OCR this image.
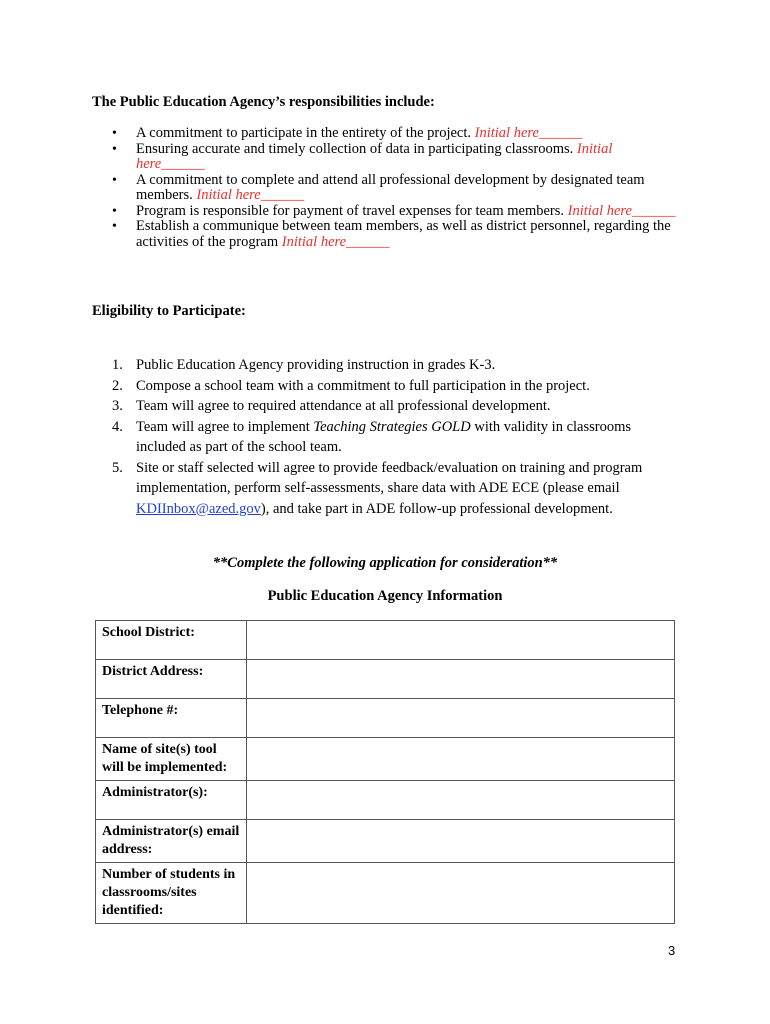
The Public Education Agency’s responsibilities include:
• A commitment to participate in the entirety of the project. Initial here______
• Ensuring accurate and timely collection of data in participating classrooms. Initial here______
• A commitment to complete and attend all professional development by designated team members. Initial here______
• Program is responsible for payment of travel expenses for team members. Initial here______
• Establish a communique between team members, as well as district personnel, regarding the activities of the program Initial here______
Eligibility to Participate:
1. Public Education Agency providing instruction in grades K-3.
2. Compose a school team with a commitment to full participation in the project.
3. Team will agree to required attendance at all professional development.
4. Team will agree to implement Teaching Strategies GOLD with validity in classrooms included as part of the school team.
5. Site or staff selected will agree to provide feedback/evaluation on training and program implementation, perform self-assessments, share data with ADE ECE (please email KDIInbox@azed.gov), and take part in ADE follow-up professional development.
**Complete the following application for consideration**
Public Education Agency Information
School District:	
District Address:	
Telephone #:	
Name of site(s) tool will be implemented:	
Administrator(s):	
Administrator(s) email address:	
Number of students in classrooms/sites identified:	
3
